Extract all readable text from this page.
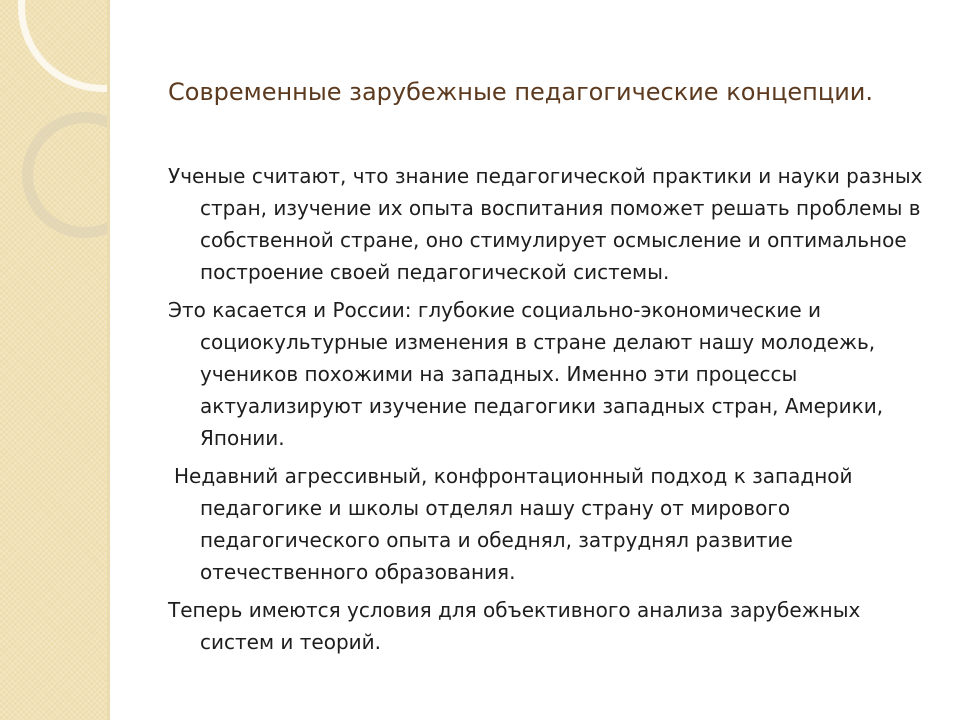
Современные зарубежные педагогические концепции.

Ученые считают, что знание педагогической практики и науки разных стран, изучение их опыта воспитания поможет решать проблемы в собственной стране, оно стимулирует осмысление и оптимальное построение своей педагогической системы.

Это касается и России: глубокие социально-экономические и социокультурные изменения в стране делают нашу молодежь, учеников похожими на западных. Именно эти процессы актуализируют изучение педагогики западных стран, Америки, Японии.

Недавний агрессивный, конфронтационный подход к западной педагогике и школы отделял нашу страну от мирового педагогического опыта и обеднял, затруднял развитие отечественного образования.

Теперь имеются условия для объективного анализа зарубежных систем и теорий.
